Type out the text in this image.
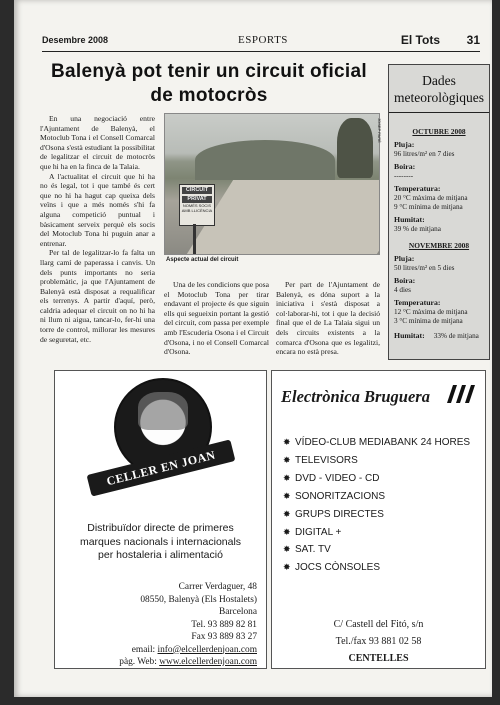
Desembre 2008	ESPORTS	El Tots 31
Balenyà pot tenir un circuit oficial
de motocròs

En una negociació entre l'Ajuntament de Balenyà, el Motoclub Tona i el Consell Comarcal d'Osona s'està estudiant la possibilitat de legalitzar el circuit de motocròs que hi ha en la finca de la Talaia.

A l'actualitat el circuit que hi ha no és legal, tot i que també és cert que no hi ha hagut cap queixa dels veïns i que a més només s'hi fa alguna competició puntual i bàsicament serveix perquè els socis del Motoclub Tona hi puguin anar a entrenar.

Per tal de legalitzar-lo fa falta un llarg camí de paperassa i canvis. Un dels punts importants no seria problemàtic, ja que l'Ajuntament de Balenyà està disposat a requalificar els terrenys. A partir d'aquí, però, caldria adequar el circuit on no hi ha ni llum ni aigua, tancar-lo, fer-hi una torre de control, millorar les mesures de seguretat, etc.

CIRCUIT
PRIVAT
NOMÉS SOCIS AMB LLICÈNCIA
JOSEP PARÉ
Aspecte actual del circuit

Una de les condicions que posa el Motoclub Tona per tirar endavant el projecte és que siguin ells qui segueixin portant la gestió del circuit, com passa per exemple amb l'Escuderia Osona i el Circuit d'Osona, i no el Consell Comarcal d'Osona.

Per part de l'Ajuntament de Balenyà, es dóna suport a la iniciativa i s'està disposat a col·laborar-hi, tot i que la decisió final que el de La Talaia sigui un dels circuits existents a la comarca d'Osona que es legalitzi, encara no està presa.

Dades meteorològiques
OCTUBRE 2008
Pluja:
96 litres/m² en 7 dies
Boira:
--------
Temperatura:
20 °C màxima de mitjana
9 °C mínima de mitjana
Humitat:
39 % de mitjana
NOVEMBRE 2008
Pluja:
50 litres/m² en 5 dies
Boira:
4 dies
Temperatura:
12 °C màxima de mitjana
3 °C mínima de mitjana
Humitat: 33% de mitjana
CELLER EN JOAN
Distribuïdor directe de primeres
marques nacionals i internacionals
per hostaleria i alimentació
Carrer Verdaguer, 48
08550, Balenyà (Els Hostalets)
Barcelona
Tel. 93 889 82 81
Fax 93 889 83 27
email: info@elcellerdenjoan.com
pàg. Web: www.elcellerdenjoan.com
Electrònica Bruguera
✸ VÍDEO-CLUB MEDIABANK 24 HORES
✸ TELEVISORS
✸ DVD - VIDEO - CD
✸ SONORITZACIONS
✸ GRUPS DIRECTES
✸ DIGITAL +
✸ SAT. TV
✸ JOCS CÒNSOLES
C/ Castell del Fitó, s/n
Tel./fax 93 881 02 58
CENTELLES
